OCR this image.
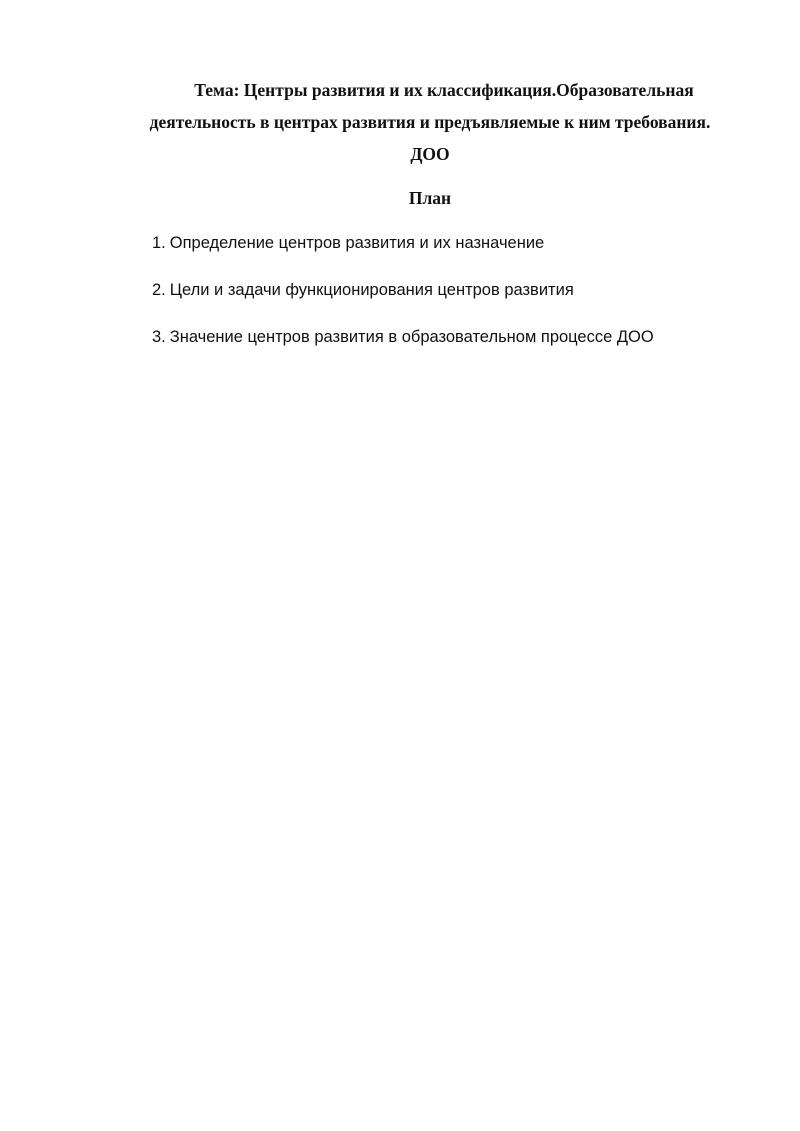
Тема: Центры развития и их классификация.Образовательная
деятельность в центрах развития и предъявляемые к ним требования.
ДОО
План
1. Определение центров развития и их назначение
2. Цели и задачи функционирования центров развития
3. Значение центров развития в образовательном процессе ДОО
